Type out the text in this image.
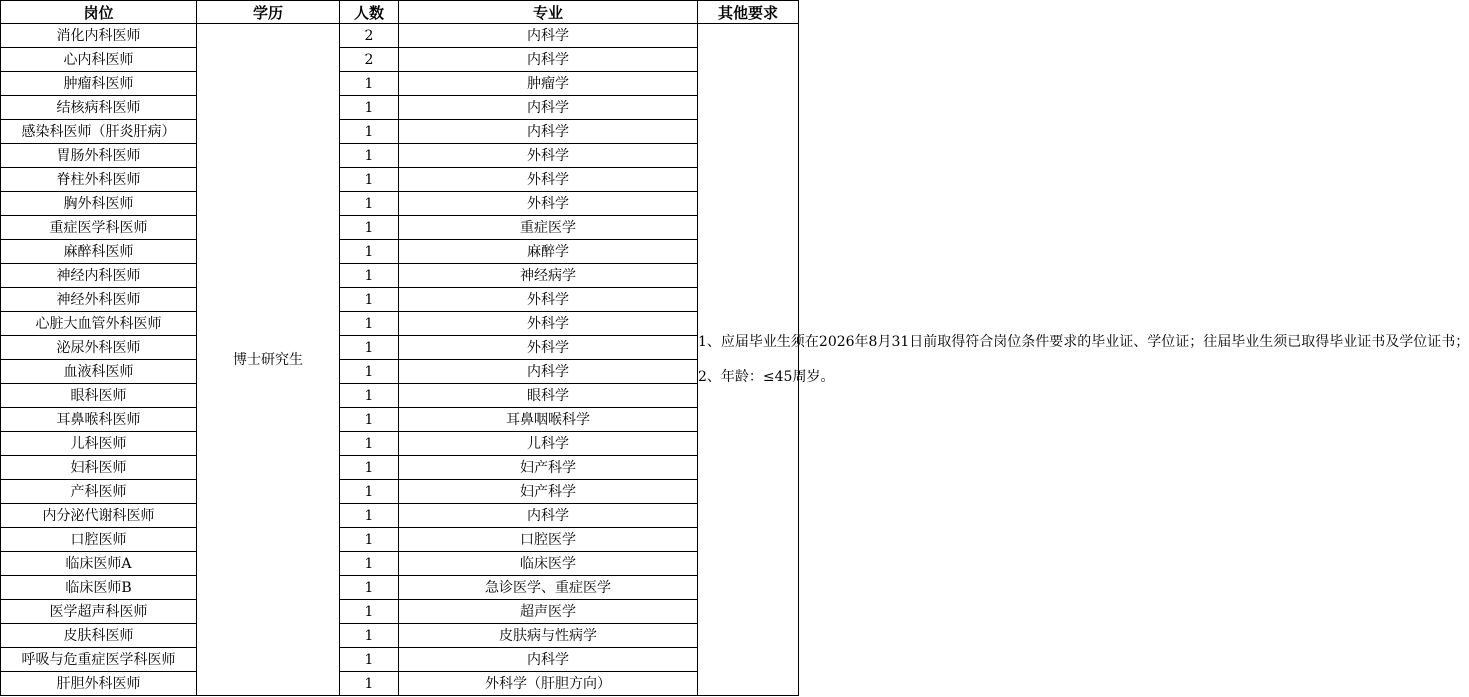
岗位	学历	人数	专业	其他要求
消化内科医师	博士研究生	2	内科学	1、应届毕业生须在2026年8月31日前取得符合岗位条件要求的毕业证、学位证；往届毕业生须已取得毕业证书及学位证书；
2、年龄：≤45周岁。

心内科医师		2	内科学	
肿瘤科医师		1	肿瘤学	
结核病科医师		1	内科学	
感染科医师（肝炎肝病）		1	内科学	
胃肠外科医师		1	外科学	
脊柱外科医师		1	外科学	
胸外科医师		1	外科学	
重症医学科医师		1	重症医学	
麻醉科医师		1	麻醉学	
神经内科医师		1	神经病学	
神经外科医师		1	外科学	
心脏大血管外科医师		1	外科学	
泌尿外科医师		1	外科学	
血液科医师		1	内科学	
眼科医师		1	眼科学	
耳鼻喉科医师		1	耳鼻咽喉科学	
儿科医师		1	儿科学	
妇科医师		1	妇产科学	
产科医师		1	妇产科学	
内分泌代谢科医师		1	内科学	
口腔医师		1	口腔医学	
临床医师A		1	临床医学	
临床医师B		1	急诊医学、重症医学	
医学超声科医师		1	超声医学	
皮肤科医师		1	皮肤病与性病学	
呼吸与危重症医学科医师		1	内科学	
肝胆外科医师		1	外科学（肝胆方向）	
